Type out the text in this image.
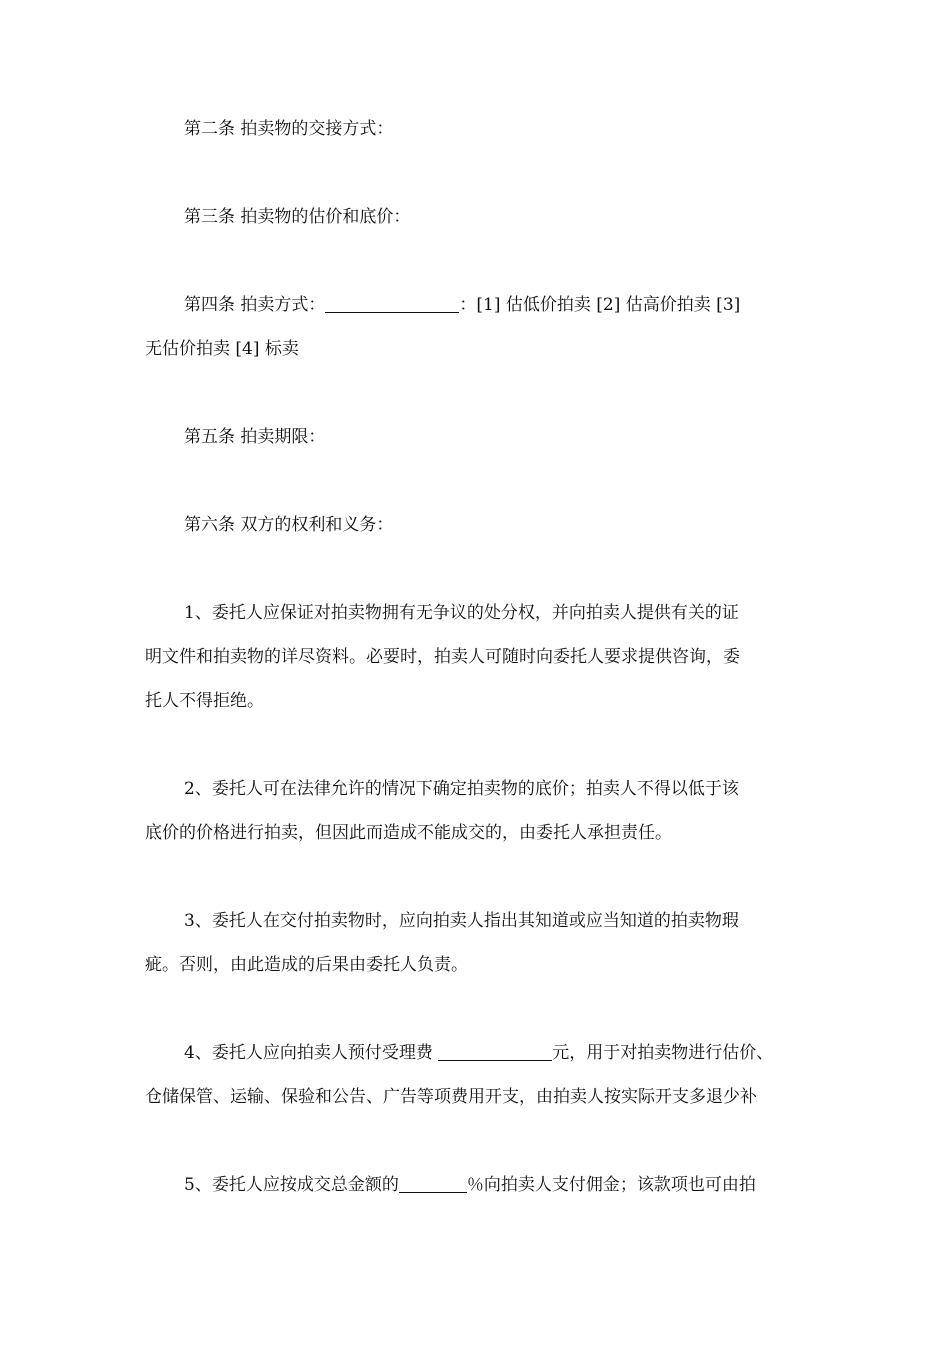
第二条 拍卖物的交接方式：
第三条 拍卖物的估价和底价：
第四条 拍卖方式：	：[1] 估低价拍卖 [2] 估高价拍卖 [3]
无估价拍卖 [4] 标卖
第五条 拍卖期限：
第六条 双方的权利和义务：
1、委托人应保证对拍卖物拥有无争议的处分权，并向拍卖人提供有关的证
明文件和拍卖物的详尽资料。必要时，拍卖人可随时向委托人要求提供咨询，委
托人不得拒绝。
2、委托人可在法律允许的情况下确定拍卖物的底价；拍卖人不得以低于该
底价的价格进行拍卖，但因此而造成不能成交的，由委托人承担责任。
3、委托人在交付拍卖物时，应向拍卖人指出其知道或应当知道的拍卖物瑕
疵。否则，由此造成的后果由委托人负责。
4、委托人应向拍卖人预付受理费	元，用于对拍卖物进行估价、
仓储保管、运输、保验和公告、广告等项费用开支，由拍卖人按实际开支多退少补
5、委托人应按成交总金额的	％向拍卖人支付佣金；该款项也可由拍
